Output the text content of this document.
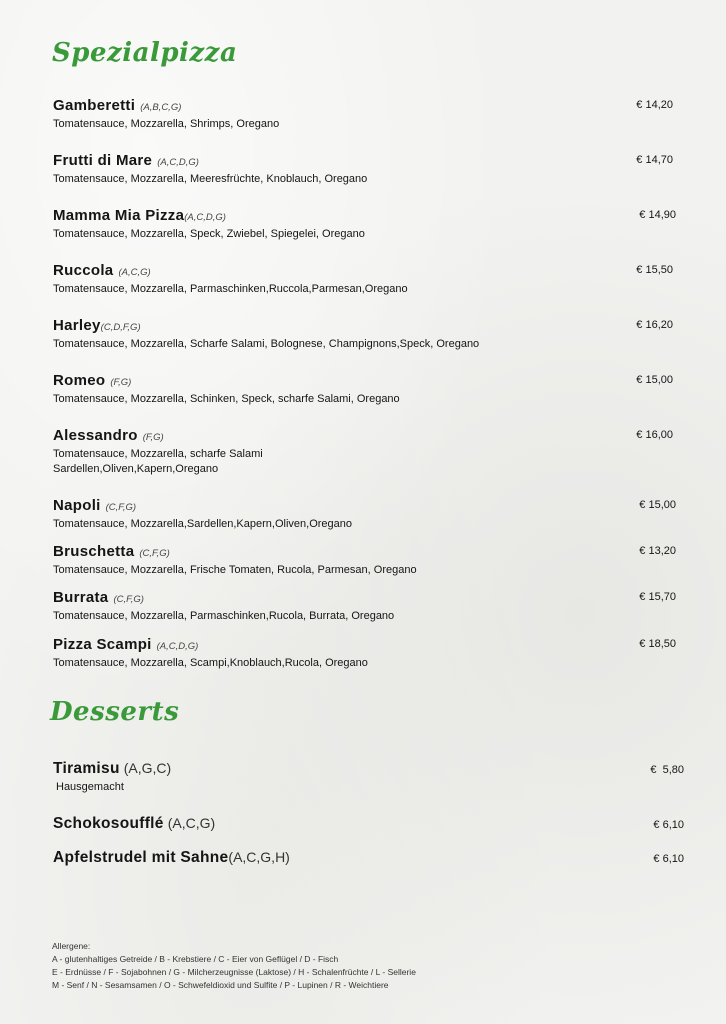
Spezialpizza
Gamberetti (A,B,C,G)	€ 14,20
Tomatensauce, Mozzarella, Shrimps, Oregano
Frutti di Mare (A,C,D,G)	€ 14,70
Tomatensauce, Mozzarella, Meeresfrüchte, Knoblauch, Oregano
Mamma Mia Pizza(A,C,D,G)	€ 14,90
Tomatensauce, Mozzarella, Speck, Zwiebel, Spiegelei, Oregano
Ruccola (A,C,G)	€ 15,50
Tomatensauce, Mozzarella, Parmaschinken,Ruccola,Parmesan,Oregano
Harley(C,D,F,G)	€ 16,20
Tomatensauce, Mozzarella, Scharfe Salami, Bolognese, Champignons,Speck, Oregano
Romeo (F,G)	€ 15,00
Tomatensauce, Mozzarella, Schinken, Speck, scharfe Salami, Oregano
Alessandro (F,G)	€ 16,00
Tomatensauce, Mozzarella, scharfe Salami
Sardellen,Oliven,Kapern,Oregano
Napoli (C,F,G)	€ 15,00
Tomatensauce, Mozzarella,Sardellen,Kapern,Oliven,Oregano
Bruschetta (C,F,G)	€ 13,20
Tomatensauce, Mozzarella, Frische Tomaten, Rucola, Parmesan, Oregano
Burrata (C,F,G)	€ 15,70
Tomatensauce, Mozzarella, Parmaschinken,Rucola, Burrata, Oregano
Pizza Scampi (A,C,D,G)	€ 18,50
Tomatensauce, Mozzarella, Scampi,Knoblauch,Rucola, Oregano
Desserts
Tiramisu (A,G,C)	€  5,80
Hausgemacht
Schokosoufflé (A,C,G)	€ 6,10
Apfelstrudel mit Sahne(A,C,G,H)	€ 6,10
Allergene:
A - glutenhaltiges Getreide / B - Krebstiere / C - Eier von Geflügel / D - Fisch
E - Erdnüsse / F - Sojabohnen / G - Milcherzeugnisse (Laktose) / H - Schalenfrüchte / L - Sellerie
M - Senf / N - Sesamsamen / O - Schwefeldioxid und Sulfite / P - Lupinen / R - Weichtiere
